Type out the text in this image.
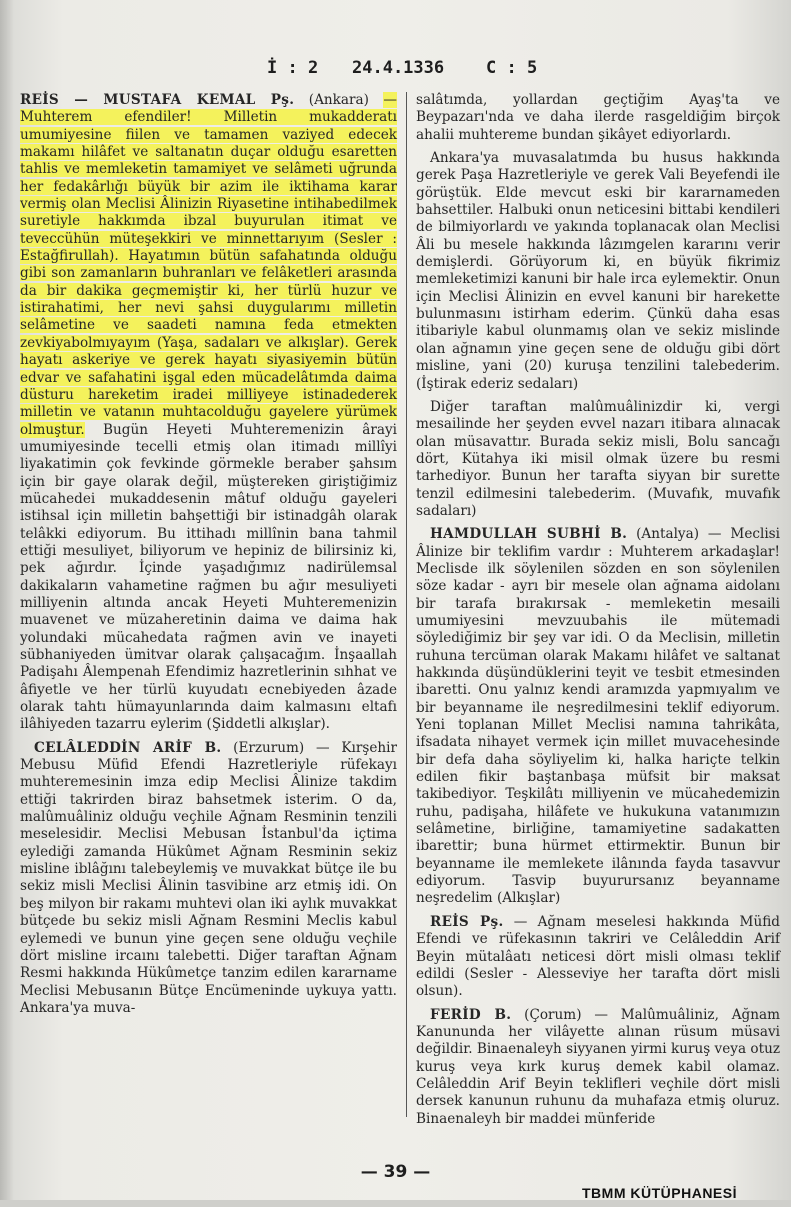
İ : 2 24.4.1336 C : 5

REİS — MUSTAFA KEMAL Pş. (Ankara) — Muhterem efendiler! Milletin mukadderatı umumiyesine fiilen ve tamamen vaziyed edecek makamı hilâfet ve saltanatın duçar olduğu esaretten tahlis ve memleketin tamamiyet ve selâmeti uğrunda her fedakârlığı büyük bir azim ile iktihama karar vermiş olan Meclisi Âlinizin Riyasetine intihabedilmek suretiyle hakkımda ibzal buyurulan itimat ve teveccühün müteşekkiri ve minnettarıyım (Sesler : Estağfirullah). Hayatımın bütün safahatında olduğu gibi son zamanların buhranları ve felâketleri arasında da bir dakika geçmemiştir ki, her türlü huzur ve istirahatimi, her nevi şahsi duygularımı milletin selâmetine ve saadeti namına feda etmekten zevkiyabolmıyayım (Yaşa, sadaları ve alkışlar). Gerek hayatı askeriye ve gerek hayatı siyasiyemin bütün edvar ve safahatini işgal eden mücadelâtımda daima düsturu hareketim iradei milliyeye istinadederek milletin ve vatanın muhtacolduğu gayelere yürümek olmuştur. Bugün Heyeti Muhteremenizin ârayi umumiyesinde tecelli etmiş olan itimadı millîyi liyakatimin çok fevkinde görmekle beraber şahsım için bir gaye olarak değil, müştereken giriştiğimiz mücahedei mukaddesenin mâtuf olduğu gayeleri istihsal için milletin bahşettiği bir istinadgâh olarak telâkki ediyorum. Bu ittihadı millînin bana tahmil ettiği mesuliyet, biliyorum ve hepiniz de bilirsiniz ki, pek ağırdır. İçinde yaşadığımız nadirülemsal dakikaların vahametine rağmen bu ağır mesuliyeti milliyenin altında ancak Heyeti Muhteremenizin muavenet ve müzaheretinin daima ve daima hak yolundaki mücahedata rağmen avin ve inayeti sübhaniyeden ümitvar olarak çalışacağım. İnşaallah Padişahı Âlempenah Efendimiz hazretlerinin sıhhat ve âfiyetle ve her türlü kuyudatı ecnebiyeden âzade olarak tahtı hümayunlarında daim kalmasını eltafı ilâhiyeden tazarru eylerim (Şiddetli alkışlar).

CELÂLEDDİN ARİF B. (Erzurum) — Kırşehir Mebusu Müfid Efendi Hazretleriyle rüfekayı muhteremesinin imza edip Meclisi Âlinize takdim ettiği takrirden biraz bahsetmek isterim. O da, malûmuâliniz olduğu veçhile Ağnam Resminin tenzili meselesidir. Meclisi Mebusan İstanbul'da içtima eylediği zamanda Hükûmet Ağnam Resminin sekiz misline iblâğını talebeylemiş ve muvakkat bütçe ile bu sekiz misli Meclisi Âlinin tasvibine arz etmiş idi. On beş milyon bir rakamı muhtevi olan iki aylık muvakkat bütçede bu sekiz misli Ağnam Resmini Meclis kabul eylemedi ve bunun yine geçen sene olduğu veçhile dört misline ircaını talebetti. Diğer taraftan Ağnam Resmi hakkında Hükûmetçe tanzim edilen kararname Meclisi Mebusanın Bütçe Encümeninde uykuya yattı. Ankara'ya muva-

salâtımda, yollardan geçtiğim Ayaş'ta ve Beypazarı'nda ve daha ilerde rasgeldiğim birçok ahalii muhtereme bundan şikâyet ediyorlardı.

Ankara'ya muvasalatımda bu husus hakkında gerek Paşa Hazretleriyle ve gerek Vali Beyefendi ile görüştük. Elde mevcut eski bir kararnameden bahsettiler. Halbuki onun neticesini bittabi kendileri de bilmiyorlardı ve yakında toplanacak olan Meclisi Âli bu mesele hakkında lâzımgelen kararını verir demişlerdi. Görüyorum ki, en büyük fikrimiz memleketimizi kanuni bir hale irca eylemektir. Onun için Meclisi Âlinizin en evvel kanuni bir harekette bulunmasını istirham ederim. Çünkü daha esas itibariyle kabul olunmamış olan ve sekiz mislinde olan ağnamın yine geçen sene de olduğu gibi dört misline, yani (20) kuruşa tenzilini talebederim. (İştirak ederiz sedaları)

Diğer taraftan malûmuâlinizdir ki, vergi mesailinde her şeyden evvel nazarı itibara alınacak olan müsavattır. Burada sekiz misli, Bolu sancağı dört, Kütahya iki misil olmak üzere bu resmi tarhediyor. Bunun her tarafta siyyan bir surette tenzil edilmesini talebederim. (Muvafık, muvafık sadaları)

HAMDULLAH SUBHİ B. (Antalya) — Meclisi Âlinize bir teklifim vardır : Muhterem arkadaşlar! Meclisde ilk söylenilen sözden en son söylenilen söze kadar - ayrı bir mesele olan ağnama aidolanı bir tarafa bırakırsak - memleketin mesaili umumiyesini mevzuubahis ile mütemadi söylediğimiz bir şey var idi. O da Meclisin, milletin ruhuna tercüman olarak Makamı hilâfet ve saltanat hakkında düşündüklerini teyit ve tesbit etmesinden ibaretti. Onu yalnız kendi aramızda yapmıyalım ve bir beyanname ile neşredilmesini teklif ediyorum. Yeni toplanan Millet Meclisi namına tahrikâta, ifsadata nihayet vermek için millet muvacehesinde bir defa daha söyliyelim ki, halka hariçte telkin edilen fikir baştanbaşa müfsit bir maksat takibediyor. Teşkilâtı milliyenin ve mücahedemizin ruhu, padişaha, hilâfete ve hukukuna vatanımızın selâmetine, birliğine, tamamiyetine sadakatten ibarettir; buna hürmet ettirmektir. Bunun bir beyanname ile memlekete ilânında fayda tasavvur ediyorum. Tasvip buyurursanız beyanname neşredelim (Alkışlar)

REİS Pş. — Ağnam meselesi hakkında Müfid Efendi ve rüfekasının takriri ve Celâleddin Arif Beyin mütalâatı neticesi dört misli olması teklif edildi (Sesler - Alesseviye her tarafta dört misli olsun).

FERİD B. (Çorum) — Malûmuâliniz, Ağnam Kanununda her vilâyette alınan rüsum müsavi değildir. Binaenaleyh siyyanen yirmi kuruş veya otuz kuruş veya kırk kuruş demek kabil olamaz. Celâleddin Arif Beyin teklifleri veçhile dört misli dersek kanunun ruhunu da muhafaza etmiş oluruz. Binaenaleyh bir maddei münferide

— 39 —
TBMM KÜTÜPHANESİ
